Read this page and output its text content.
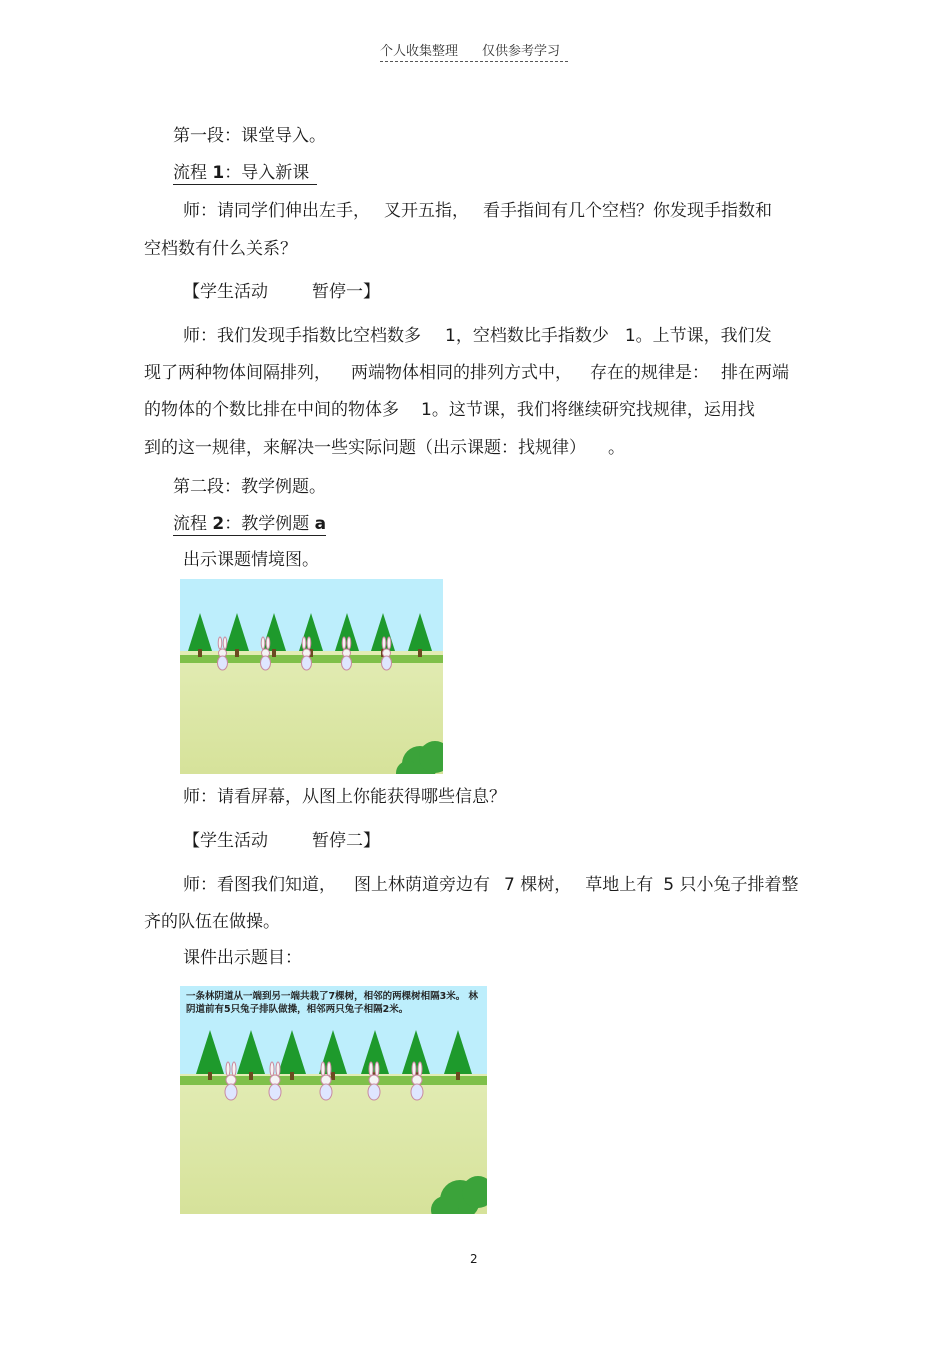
个人收集整理 仅供参考学习
第一段：课堂导入。
流程 1：导入新课
师：请同学们伸出左手， 叉开五指， 看手指间有几个空档？你发现手指数和
空档数有什么关系？
【学生活动	暂停一】
师：我们发现手指数比空档数多 1，空档数比手指数少 1。上节课，我们发
现了两种物体间隔排列， 两端物体相同的排列方式中， 存在的规律是： 排在两端
的物体的个数比排在中间的物体多 1。这节课，我们将继续研究找规律，运用找
到的这一规律，来解决一些实际问题（出示课题：找规律） 。
第二段：教学例题。
流程 2：教学例题 a
出示课题情境图。
师：请看屏幕，从图上你能获得哪些信息？
【学生活动	暂停二】
师：看图我们知道， 图上林荫道旁边有 7 棵树， 草地上有 5 只小兔子排着整
齐的队伍在做操。
课件出示题目：
一条林阴道从一端到另一端共栽了7棵树，相邻的两棵树相隔3米。 林阴道前有5只兔子排队做操，相邻两只兔子相隔2米。
2
